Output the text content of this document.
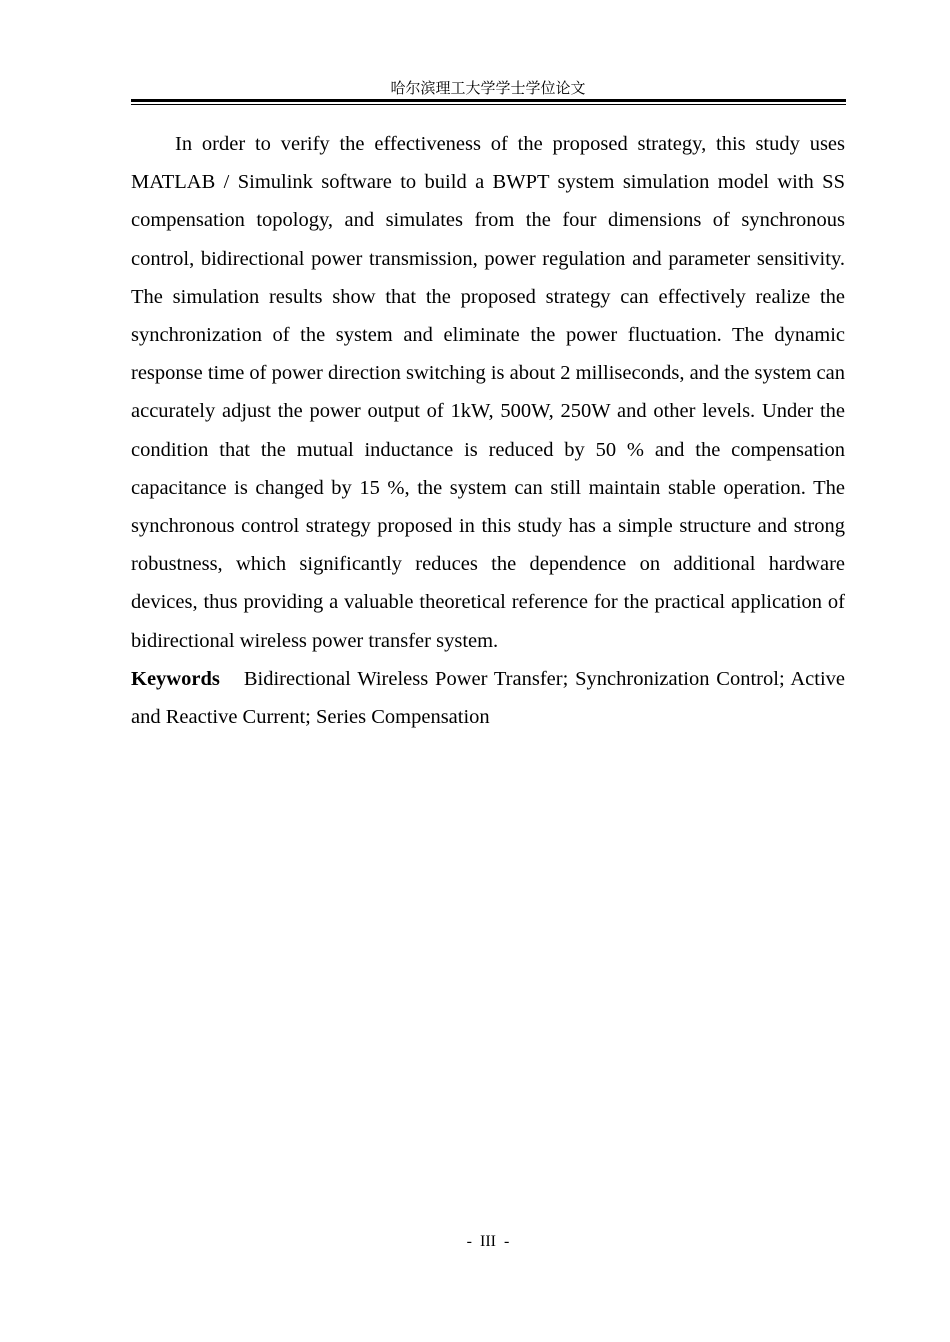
哈尔滨理工大学学士学位论文

In order to verify the effectiveness of the proposed strategy, this study uses MATLAB / Simulink software to build a BWPT system simulation model with SS compensation topology, and simulates from the four dimensions of synchronous control, bidirectional power transmission, power regulation and parameter sensitivity. The simulation results show that the proposed strategy can effectively realize the synchronization of the system and eliminate the power fluctuation. The dynamic response time of power direction switching is about 2 milliseconds, and the system can accurately adjust the power output of 1kW, 500W, 250W and other levels. Under the condition that the mutual inductance is reduced by 50 % and the compensation capacitance is changed by 15 %, the system can still maintain stable operation. The synchronous control strategy proposed in this study has a simple structure and strong robustness, which significantly reduces the dependence on additional hardware devices, thus providing a valuable theoretical reference for the practical application of bidirectional wireless power transfer system.

Keywords Bidirectional Wireless Power Transfer; Synchronization Control; Active and Reactive Current; Series Compensation

- III -
